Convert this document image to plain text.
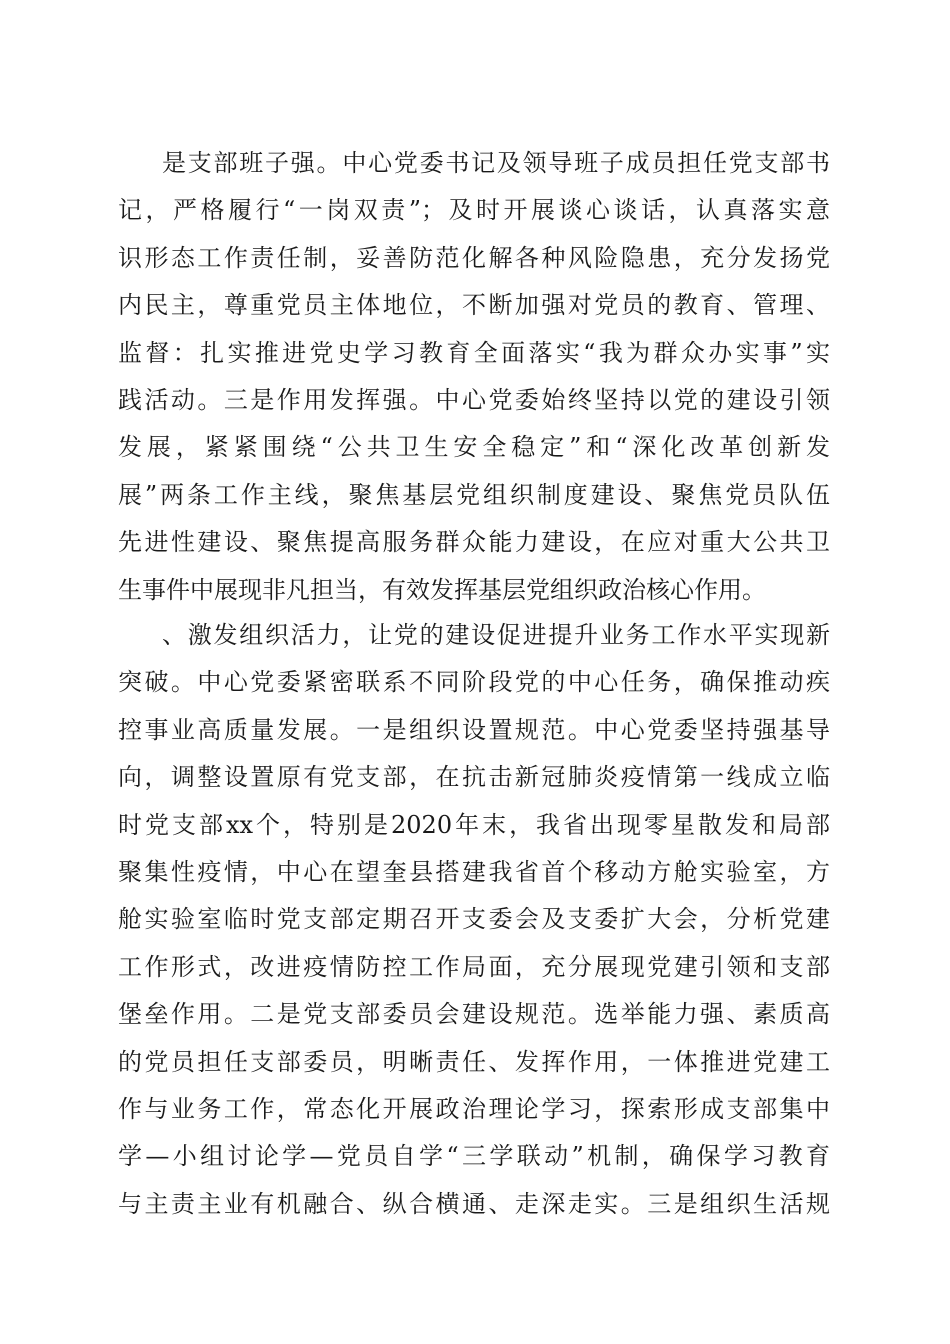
是支部班子强。中心党委书记及领导班子成员担任党支部书
记，严格履行“一岗双责”；及时开展谈心谈话，认真落实意
识形态工作责任制，妥善防范化解各种风险隐患，充分发扬党
内民主，尊重党员主体地位，不断加强对党员的教育、管理、
监督：扎实推进党史学习教育全面落实“我为群众办实事”实
践活动。三是作用发挥强。中心党委始终坚持以党的建设引领
发展，紧紧围绕“公共卫生安全稳定”和“深化改革创新发
展”两条工作主线，聚焦基层党组织制度建设、聚焦党员队伍
先进性建设、聚焦提高服务群众能力建设，在应对重大公共卫
生事件中展现非凡担当，有效发挥基层党组织政治核心作用。
、激发组织活力，让党的建设促进提升业务工作水平实现新
突破。中心党委紧密联系不同阶段党的中心任务，确保推动疾
控事业高质量发展。一是组织设置规范。中心党委坚持强基导
向，调整设置原有党支部，在抗击新冠肺炎疫情第一线成立临
时党支部xx个，特别是2020年末，我省出现零星散发和局部
聚集性疫情，中心在望奎县搭建我省首个移动方舱实验室，方
舱实验室临时党支部定期召开支委会及支委扩大会，分析党建
工作形式，改进疫情防控工作局面，充分展现党建引领和支部
堡垒作用。二是党支部委员会建设规范。选举能力强、素质高
的党员担任支部委员，明晰责任、发挥作用，一体推进党建工
作与业务工作，常态化开展政治理论学习，探索形成支部集中
学—小组讨论学—党员自学“三学联动”机制，确保学习教育
与主责主业有机融合、纵合横通、走深走实。三是组织生活规
